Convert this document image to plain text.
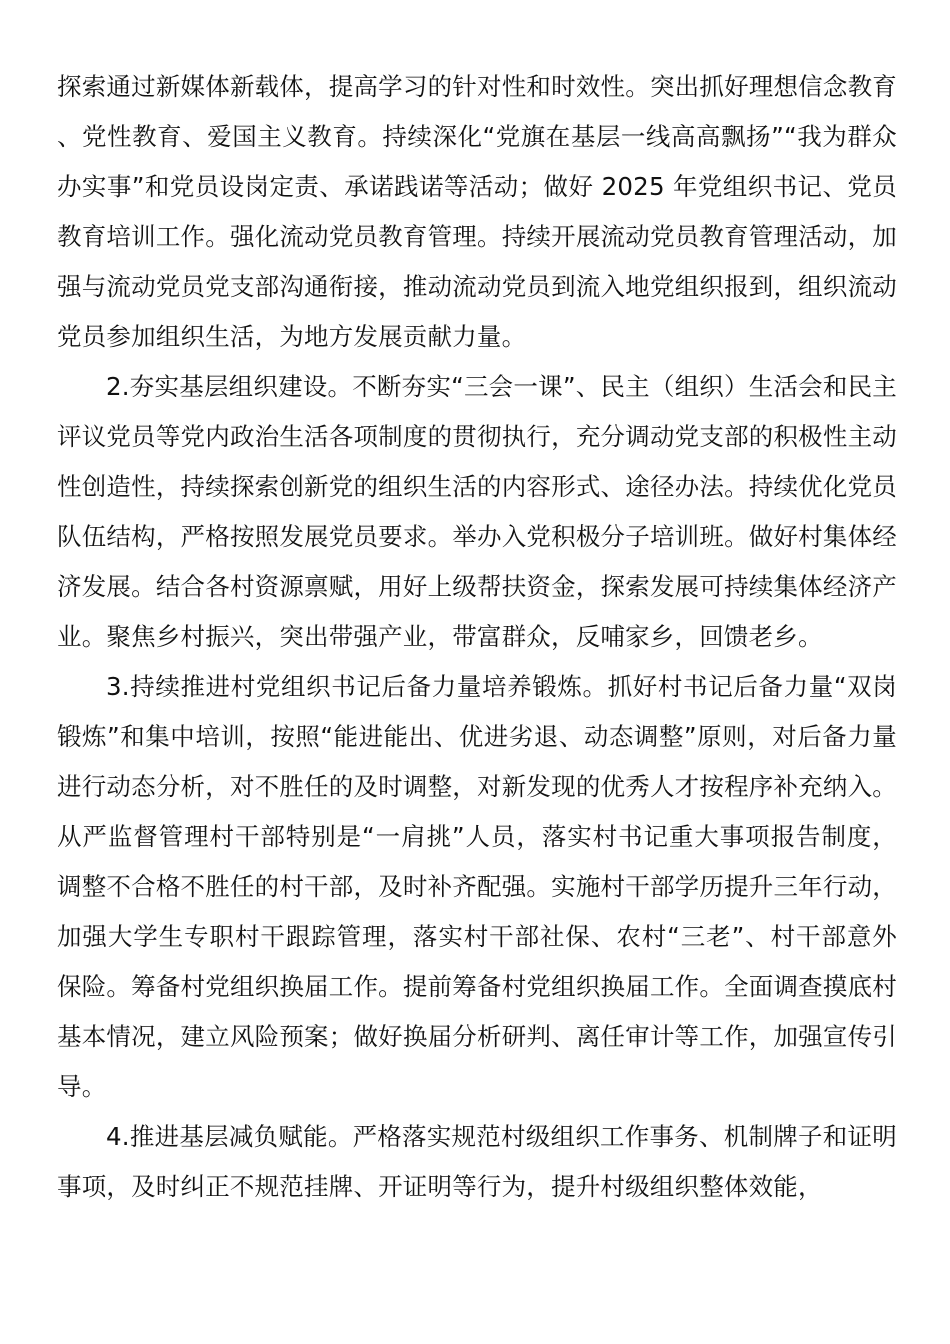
探索通过新媒体新载体，提高学习的针对性和时效性。突出抓好理想信念教育、党性教育、爱国主义教育。持续深化“党旗在基层一线高高飘扬”“我为群众办实事”和党员设岗定责、承诺践诺等活动；做好 2025 年党组织书记、党员教育培训工作。强化流动党员教育管理。持续开展流动党员教育管理活动，加强与流动党员党支部沟通衔接，推动流动党员到流入地党组织报到，组织流动党员参加组织生活，为地方发展贡献力量。

2.夯实基层组织建设。不断夯实“三会一课”、民主（组织）生活会和民主评议党员等党内政治生活各项制度的贯彻执行，充分调动党支部的积极性主动性创造性，持续探索创新党的组织生活的内容形式、途径办法。持续优化党员队伍结构，严格按照发展党员要求。举办入党积极分子培训班。做好村集体经济发展。结合各村资源禀赋，用好上级帮扶资金，探索发展可持续集体经济产业。聚焦乡村振兴，突出带强产业，带富群众，反哺家乡，回馈老乡。

3.持续推进村党组织书记后备力量培养锻炼。抓好村书记后备力量“双岗锻炼”和集中培训，按照“能进能出、优进劣退、动态调整”原则，对后备力量进行动态分析，对不胜任的及时调整，对新发现的优秀人才按程序补充纳入。从严监督管理村干部特别是“一肩挑”人员，落实村书记重大事项报告制度，调整不合格不胜任的村干部，及时补齐配强。实施村干部学历提升三年行动，加强大学生专职村干跟踪管理，落实村干部社保、农村“三老”、村干部意外保险。筹备村党组织换届工作。提前筹备村党组织换届工作。全面调查摸底村基本情况，建立风险预案；做好换届分析研判、离任审计等工作，加强宣传引导。

4.推进基层减负赋能。严格落实规范村级组织工作事务、机制牌子和证明事项，及时纠正不规范挂牌、开证明等行为，提升村级组织整体效能，
